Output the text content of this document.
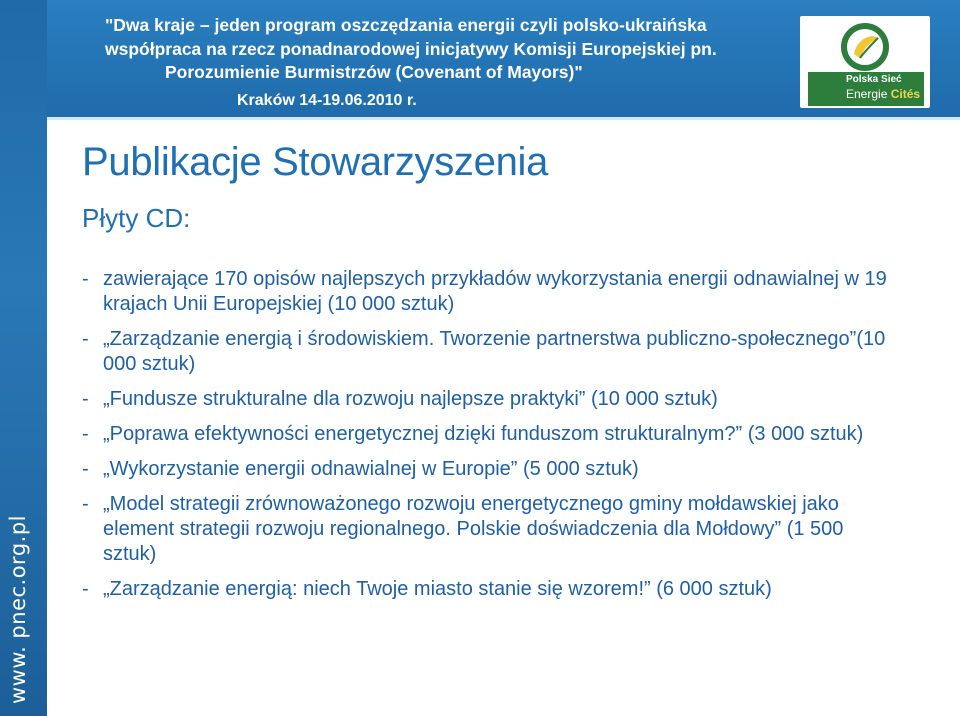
www. pnec.org.pl
"Dwa kraje – jeden program oszczędzania energii czyli polsko-ukraińska
współpraca na rzecz ponadnarodowej inicjatywy Komisji Europejskiej pn.
Porozumienie Burmistrzów (Covenant of Mayors)"
Kraków 14-19.06.2010 r.
Polska Sieć
Energie Cités
Publikacje Stowarzyszenia
Płyty CD:
- zawierające 170 opisów najlepszych przykładów wykorzystania energii odnawialnej w 19 krajach Unii Europejskiej (10 000 sztuk)
- „Zarządzanie energią i środowiskiem. Tworzenie partnerstwa publiczno-społecznego”(10 000 sztuk)
- „Fundusze strukturalne dla rozwoju najlepsze praktyki” (10 000 sztuk)
- „Poprawa efektywności energetycznej dzięki funduszom strukturalnym?” (3 000 sztuk)
- „Wykorzystanie energii odnawialnej w Europie” (5 000 sztuk)
- „Model strategii zrównoważonego rozwoju energetycznego gminy mołdawskiej jako element strategii rozwoju regionalnego. Polskie doświadczenia dla Mołdowy” (1 500 sztuk)
- „Zarządzanie energią: niech Twoje miasto stanie się wzorem!” (6 000 sztuk)
